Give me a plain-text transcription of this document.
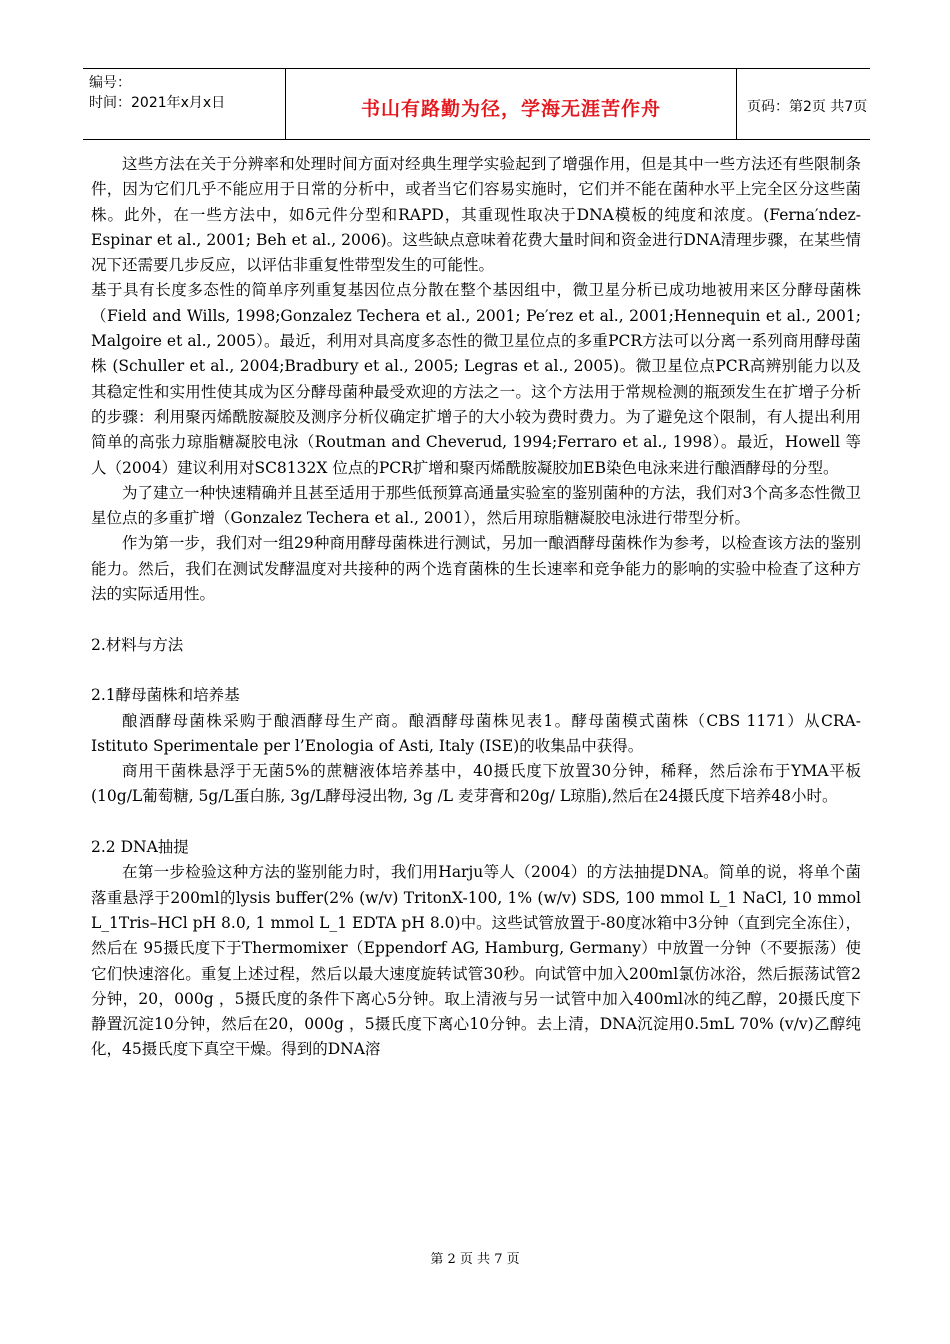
编号：
时间：2021年x月x日	书山有路勤为径，学海无涯苦作舟	页码：第2页 共7页

这些方法在关于分辨率和处理时间方面对经典生理学实验起到了增强作用，但是其中一些方法还有些限制条件，因为它们几乎不能应用于日常的分析中，或者当它们容易实施时，它们并不能在菌种水平上完全区分这些菌株。此外，在一些方法中，如δ元件分型和RAPD，其重现性取决于DNA模板的纯度和浓度。(Ferna′ndez-Espinar et al., 2001; Beh et al., 2006)。这些缺点意味着花费大量时间和资金进行DNA清理步骤，在某些情况下还需要几步反应，以评估非重复性带型发生的可能性。

基于具有长度多态性的简单序列重复基因位点分散在整个基因组中，微卫星分析已成功地被用来区分酵母菌株（Field and Wills, 1998;Gonzalez Techera et al., 2001; Pe′rez et al., 2001;Hennequin et al., 2001; Malgoire et al., 2005）。最近，利用对具高度多态性的微卫星位点的多重PCR方法可以分离一系列商用酵母菌株 (Schuller et al., 2004;Bradbury et al., 2005; Legras et al., 2005)。微卫星位点PCR高辨别能力以及其稳定性和实用性使其成为区分酵母菌种最受欢迎的方法之一。这个方法用于常规检测的瓶颈发生在扩增子分析的步骤：利用聚丙烯酰胺凝胶及测序分析仪确定扩增子的大小较为费时费力。为了避免这个限制，有人提出利用简单的高张力琼脂糖凝胶电泳（Routman and Cheverud, 1994;Ferraro et al., 1998）。最近，Howell 等人（2004）建议利用对SC8132X 位点的PCR扩增和聚丙烯酰胺凝胶加EB染色电泳来进行酿酒酵母的分型。

为了建立一种快速精确并且甚至适用于那些低预算高通量实验室的鉴别菌种的方法，我们对3个高多态性微卫星位点的多重扩增（Gonzalez Techera et al., 2001），然后用琼脂糖凝胶电泳进行带型分析。

作为第一步，我们对一组29种商用酵母菌株进行测试，另加一酿酒酵母菌株作为参考，以检查该方法的鉴别能力。然后，我们在测试发酵温度对共接种的两个选育菌株的生长速率和竞争能力的影响的实验中检查了这种方法的实际适用性。

2.材料与方法

2.1酵母菌株和培养基

酿酒酵母菌株采购于酿酒酵母生产商。酿酒酵母菌株见表1。酵母菌模式菌株（CBS 1171）从CRA-Istituto Sperimentale per l’Enologia of Asti, Italy (ISE)的收集品中获得。

商用干菌株悬浮于无菌5%的蔗糖液体培养基中，40摄氏度下放置30分钟，稀释，然后涂布于YMA平板(10g/L葡萄糖, 5g/L蛋白胨, 3g/L酵母浸出物, 3g /L 麦芽膏和20g/ L琼脂),然后在24摄氏度下培养48小时。

2.2 DNA抽提

在第一步检验这种方法的鉴别能力时，我们用Harju等人（2004）的方法抽提DNA。简单的说，将单个菌落重悬浮于200ml的lysis buffer(2% (w/v) TritonX-100, 1% (w/v) SDS, 100 mmol L_1 NaCl, 10 mmol L_1Tris–HCl pH 8.0, 1 mmol L_1 EDTA pH 8.0)中。这些试管放置于-80度冰箱中3分钟（直到完全冻住），然后在 95摄氏度下于Thermomixer（Eppendorf AG, Hamburg, Germany）中放置一分钟（不要振荡）使它们快速溶化。重复上述过程，然后以最大速度旋转试管30秒。向试管中加入200ml氯仿冰浴，然后振荡试管2分钟，20，000g ，5摄氏度的条件下离心5分钟。取上清液与另一试管中加入400ml冰的纯乙醇，20摄氏度下静置沉淀10分钟，然后在20，000g ，5摄氏度下离心10分钟。去上清，DNA沉淀用0.5mL 70% (v/v)乙醇纯化，45摄氏度下真空干燥。得到的DNA溶

第 2 页 共 7 页
